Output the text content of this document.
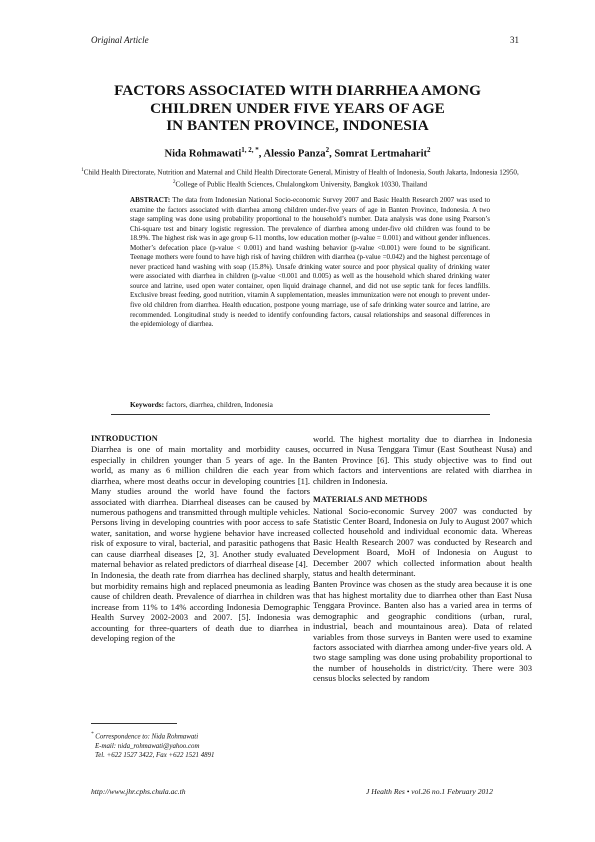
Original Article	31
FACTORS ASSOCIATED WITH DIARRHEA AMONG
CHILDREN UNDER FIVE YEARS OF AGE
IN BANTEN PROVINCE, INDONESIA
Nida Rohmawati$^{1, 2, *}$, Alessio Panza$^2$, Somrat Lertmaharit$^2$
$^1$Child Health Directorate, Nutrition and Maternal and Child Health Directorate General, Ministry of Health of Indonesia, South Jakarta, Indonesia 12950, $^2$College of Public Health Sciences, Chulalongkorn University, Bangkok 10330, Thailand

ABSTRACT: The data from Indonesian National Socio-economic Survey 2007 and Basic Health Research 2007 was used to examine the factors associated with diarrhea among children under-five years of age in Banten Province, Indonesia. A two stage sampling was done using probability proportional to the household’s number. Data analysis was done using Pearson’s Chi-square test and binary logistic regression. The prevalence of diarrhea among under-five old children was found to be 18.9%. The highest risk was in age group 6-11 months, low education mother (p-value = 0.001) and without gender influences. Mother’s defecation place (p-value < 0.001) and hand washing behavior (p-value <0.001) were found to be significant. Teenage mothers were found to have high risk of having children with diarrhea (p-value =0.042) and the highest percentage of never practiced hand washing with soap (15.8%). Unsafe drinking water source and poor physical quality of drinking water were associated with diarrhea in children (p-value <0.001 and 0.005) as well as the household which shared drinking water source and latrine, used open water container, open liquid drainage channel, and did not use septic tank for feces landfills. Exclusive breast feeding, good nutrition, vitamin A supplementation, measles immunization were not enough to prevent under-five old children from diarrhea. Health education, postpone young marriage, use of safe drinking water source and latrine, are recommended. Longitudinal study is needed to identify confounding factors, causal relationships and seasonal differences in the epidemiology of diarrhea.

Keywords: factors, diarrhea, children, Indonesia
INTRODUCTION

Diarrhea is one of main mortality and morbidity causes, especially in children younger than 5 years of age. In the world, as many as 6 million children die each year from diarrhea, where most deaths occur in developing countries [1]. Many studies around the world have found the factors associated with diarrhea. Diarrheal diseases can be caused by numerous pathogens and transmitted through multiple vehicles. Persons living in developing countries with poor access to safe water, sanitation, and worse hygiene behavior have increased risk of exposure to viral, bacterial, and parasitic pathogens that can cause diarrheal diseases [2, 3]. Another study evaluated maternal behavior as related predictors of diarrheal disease [4].

In Indonesia, the death rate from diarrhea has declined sharply, but morbidity remains high and replaced pneumonia as leading cause of children death. Prevalence of diarrhea in children was increase from 11% to 14% according Indonesia Demographic Health Survey 2002-2003 and 2007. [5]. Indonesia was accounting for three-quarters of death due to diarrhea in developing region of the

* Correspondence to: Nida Rohmawati
E-mail: nida_rohmawati@yahoo.com
Tel. +622 1527 3422, Fax +622 1521 4891

world. The highest mortality due to diarrhea in Indonesia occurred in Nusa Tenggara Timur (East Southeast Nusa) and Banten Province [6]. This study objective was to find out which factors and interventions are related with diarrhea in children in Indonesia.

MATERIALS AND METHODS

National Socio-economic Survey 2007 was conducted by Statistic Center Board, Indonesia on July to August 2007 which collected household and individual economic data. Whereas Basic Health Research 2007 was conducted by Research and Development Board, MoH of Indonesia on August to December 2007 which collected information about health status and health determinant.

Banten Province was chosen as the study area because it is one that has highest mortality due to diarrhea other than East Nusa Tenggara Province. Banten also has a varied area in terms of demographic and geographic conditions (urban, rural, industrial, beach and mountainous area). Data of related variables from those surveys in Banten were used to examine factors associated with diarrhea among under-five years old. A two stage sampling was done using probability proportional to the number of households in district/city. There were 303 census blocks selected by random

http://www.jhr.cphs.chula.ac.th	J Health Res • vol.26 no.1 February 2012
